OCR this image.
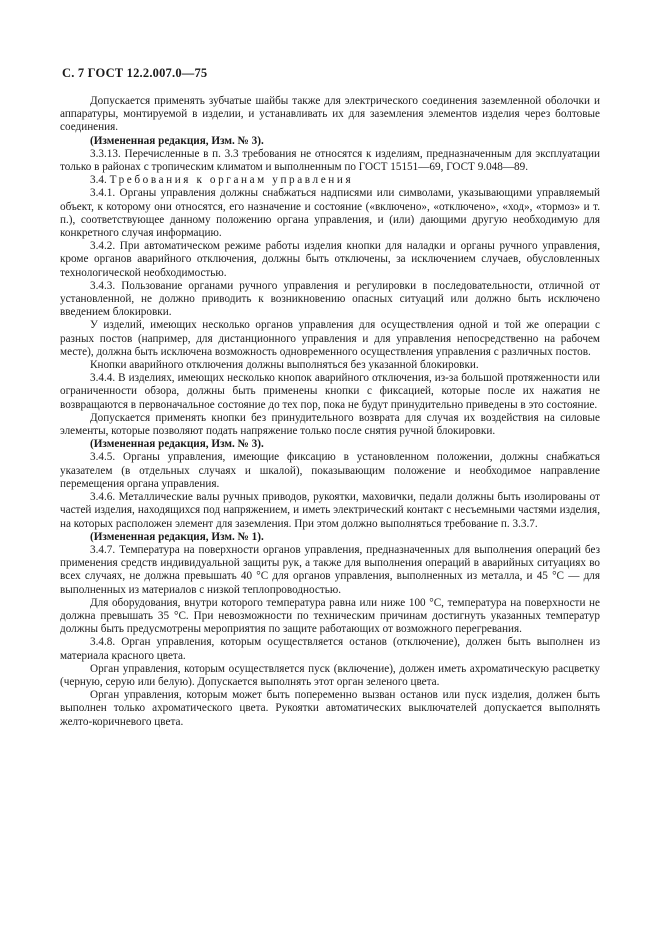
С. 7 ГОСТ 12.2.007.0—75

Допускается применять зубчатые шайбы также для электрического соединения заземленной оболочки и аппаратуры, монтируемой в изделии, и устанавливать их для заземления элементов изделия через болтовые соединения.

(Измененная редакция, Изм. № 3).

3.3.13. Перечисленные в п. 3.3 требования не относятся к изделиям, предназначенным для эксплуатации только в районах с тропическим климатом и выполненным по ГОСТ 15151—69, ГОСТ 9.048—89.

3.4. Требования к органам управления

3.4.1. Органы управления должны снабжаться надписями или символами, указывающими управляемый объект, к которому они относятся, его назначение и состояние («включено», «отключено», «ход», «тормоз» и т. п.), соответствующее данному положению органа управления, и (или) дающими другую необходимую для конкретного случая информацию.

3.4.2. При автоматическом режиме работы изделия кнопки для наладки и органы ручного управления, кроме органов аварийного отключения, должны быть отключены, за исключением случаев, обусловленных технологической необходимостью.

3.4.3. Пользование органами ручного управления и регулировки в последовательности, отличной от установленной, не должно приводить к возникновению опасных ситуаций или должно быть исключено введением блокировки.

У изделий, имеющих несколько органов управления для осуществления одной и той же операции с разных постов (например, для дистанционного управления и для управления непосредственно на рабочем месте), должна быть исключена возможность одновременного осуществления управления с различных постов.

Кнопки аварийного отключения должны выполняться без указанной блокировки.

3.4.4. В изделиях, имеющих несколько кнопок аварийного отключения, из-за большой протяженности или ограниченности обзора, должны быть применены кнопки с фиксацией, которые после их нажатия не возвращаются в первоначальное состояние до тех пор, пока не будут принудительно приведены в это состояние.

Допускается применять кнопки без принудительного возврата для случая их воздействия на силовые элементы, которые позволяют подать напряжение только после снятия ручной блокировки.

(Измененная редакция, Изм. № 3).

3.4.5. Органы управления, имеющие фиксацию в установленном положении, должны снабжаться указателем (в отдельных случаях и шкалой), показывающим положение и необходимое направление перемещения органа управления.

3.4.6. Металлические валы ручных приводов, рукоятки, маховички, педали должны быть изолированы от частей изделия, находящихся под напряжением, и иметь электрический контакт с несъемными частями изделия, на которых расположен элемент для заземления. При этом должно выполняться требование п. 3.3.7.

(Измененная редакция, Изм. № 1).

3.4.7. Температура на поверхности органов управления, предназначенных для выполнения операций без применения средств индивидуальной защиты рук, а также для выполнения операций в аварийных ситуациях во всех случаях, не должна превышать 40 °С для органов управления, выполненных из металла, и 45 °С — для выполненных из материалов с низкой теплопроводностью.

Для оборудования, внутри которого температура равна или ниже 100 °С, температура на поверхности не должна превышать 35 °С. При невозможности по техническим причинам достигнуть указанных температур должны быть предусмотрены мероприятия по защите работающих от возможного перегревания.

3.4.8. Орган управления, которым осуществляется останов (отключение), должен быть выполнен из материала красного цвета.

Орган управления, которым осуществляется пуск (включение), должен иметь ахроматическую расцветку (черную, серую или белую). Допускается выполнять этот орган зеленого цвета.

Орган управления, которым может быть попеременно вызван останов или пуск изделия, должен быть выполнен только ахроматического цвета. Рукоятки автоматических выключателей допускается выполнять желто-коричневого цвета.
